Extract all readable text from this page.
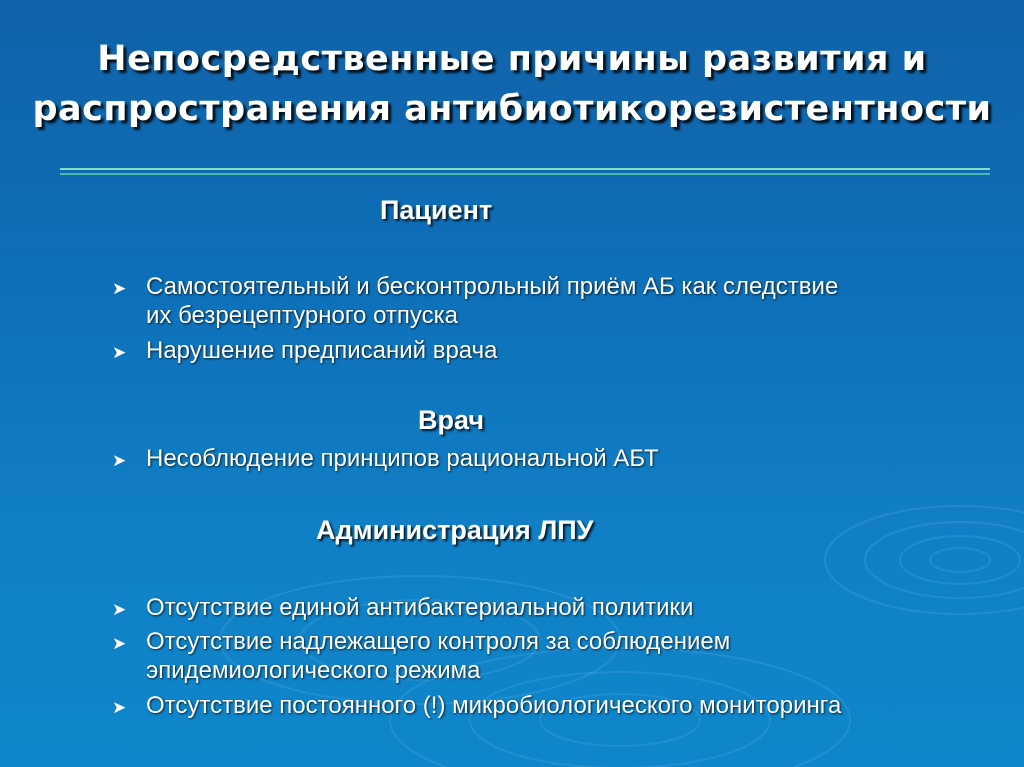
Непосредственные причины развития и
распространения антибиотикорезистентности
Пациент
➤ Самостоятельный и бесконтрольный приём АБ как следствие
их безрецептурного отпуска
➤ Нарушение предписаний врача
Врач
➤ Несоблюдение принципов рациональной АБТ
Администрация ЛПУ
➤ Отсутствие единой антибактериальной политики
➤ Отсутствие надлежащего контроля за соблюдением
эпидемиологического режима
➤ Отсутствие постоянного (!) микробиологического мониторинга
